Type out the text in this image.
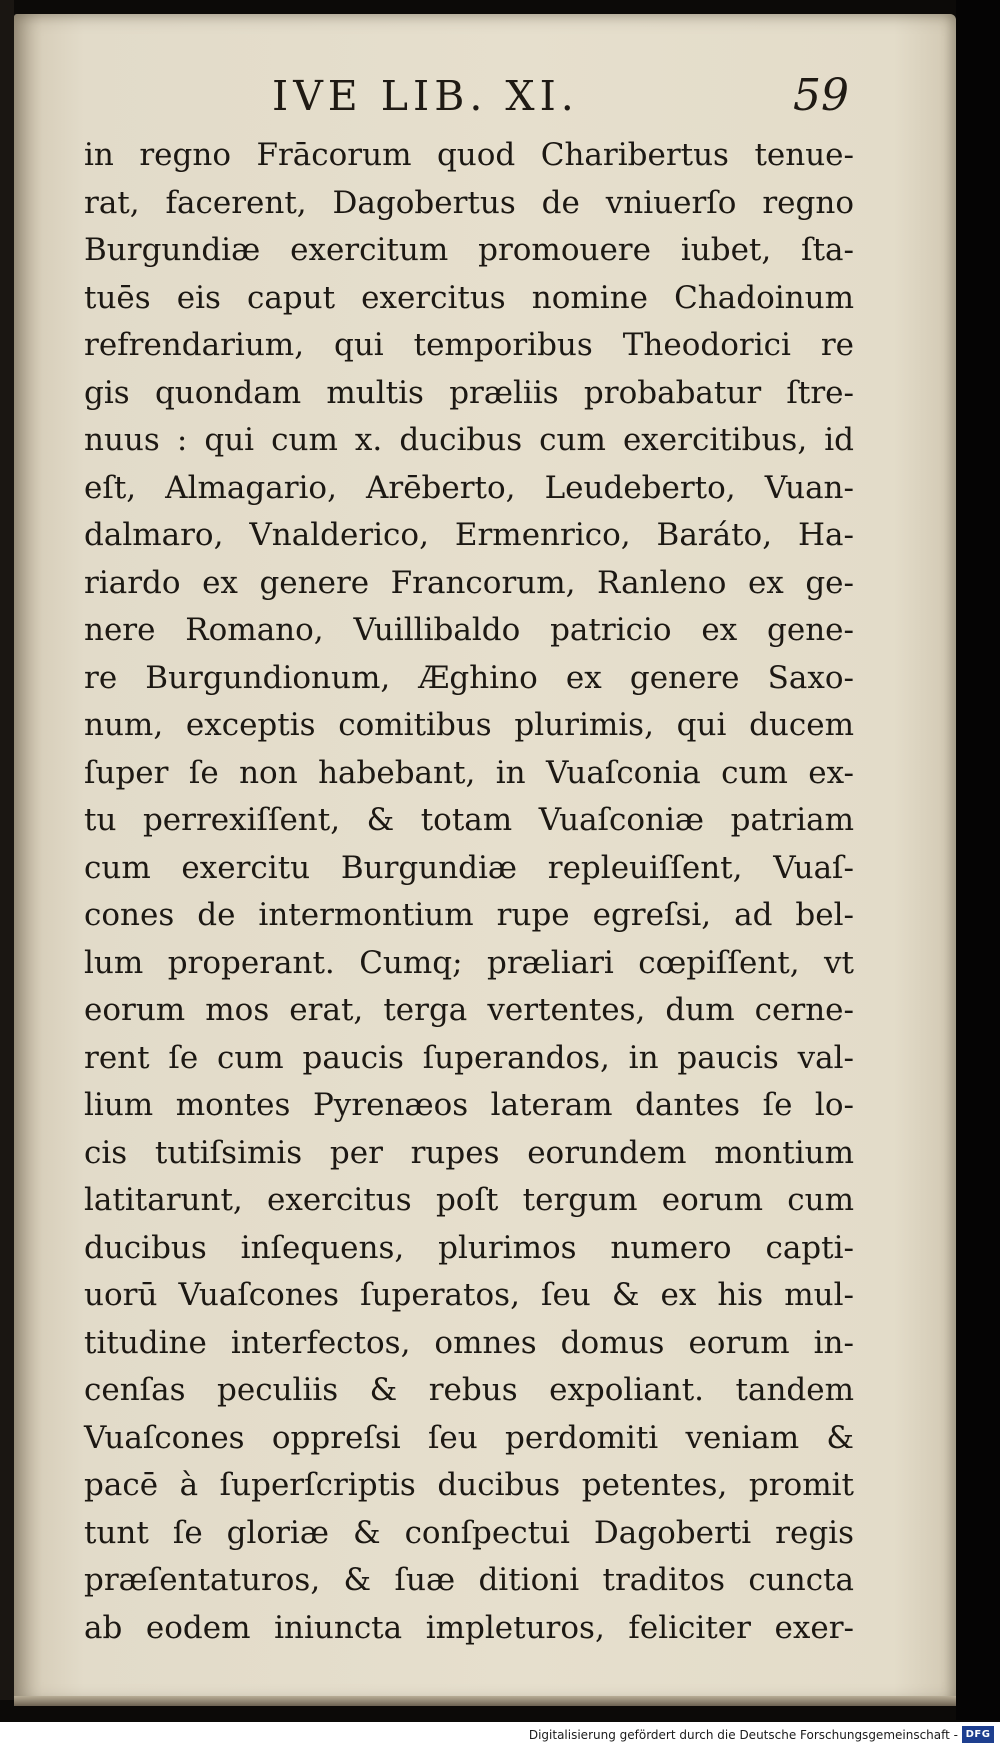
IVE LIB. XI.	59
in regno Frācorum quod Charibertus tenue-
rat, facerent, Dagobertus de vniuerſo regno
Burgundiæ exercitum promouere iubet, ſta-
tuēs eis caput exercitus nomine Chadoinum
refrendarium, qui temporibus Theodorici re
gis quondam multis præliis probabatur ſtre-
nuus : qui cum x. ducibus cum exercitibus, id
eſt, Almagario, Arēberto, Leudeberto, Vuan-
dalmaro, Vnalderico, Ermenrico, Baráto, Ha-
riardo ex genere Francorum, Ranleno ex ge-
nere Romano, Vuillibaldo patricio ex gene-
re Burgundionum, Æghino ex genere Saxo-
num, exceptis comitibus plurimis, qui ducem
ſuper ſe non habebant, in Vuaſconia cum ex-
tu perrexiſſent, & totam Vuaſconiæ patriam
cum exercitu Burgundiæ repleuiſſent, Vuaſ-
cones de intermontium rupe egreſsi, ad bel-
lum properant. Cumq; præliari cœpiſſent, vt
eorum mos erat, terga vertentes, dum cerne-
rent ſe cum paucis ſuperandos, in paucis val-
lium montes Pyrenæos lateram dantes ſe lo-
cis tutiſsimis per rupes eorundem montium
latitarunt, exercitus poſt tergum eorum cum
ducibus inſequens, plurimos numero capti-
uorū Vuaſcones ſuperatos, ſeu & ex his mul-
titudine interfectos, omnes domus eorum in-
cenſas peculiis & rebus expoliant. tandem
Vuaſcones oppreſsi ſeu perdomiti veniam &
pacē à ſuperſcriptis ducibus petentes, promit
tunt ſe gloriæ & conſpectui Dagoberti regis
præſentaturos, & ſuæ ditioni traditos cuncta
ab eodem iniuncta impleturos, feliciter exer-
Digitalisierung gefördert durch die Deutsche Forschungsgemeinschaft - DFG
